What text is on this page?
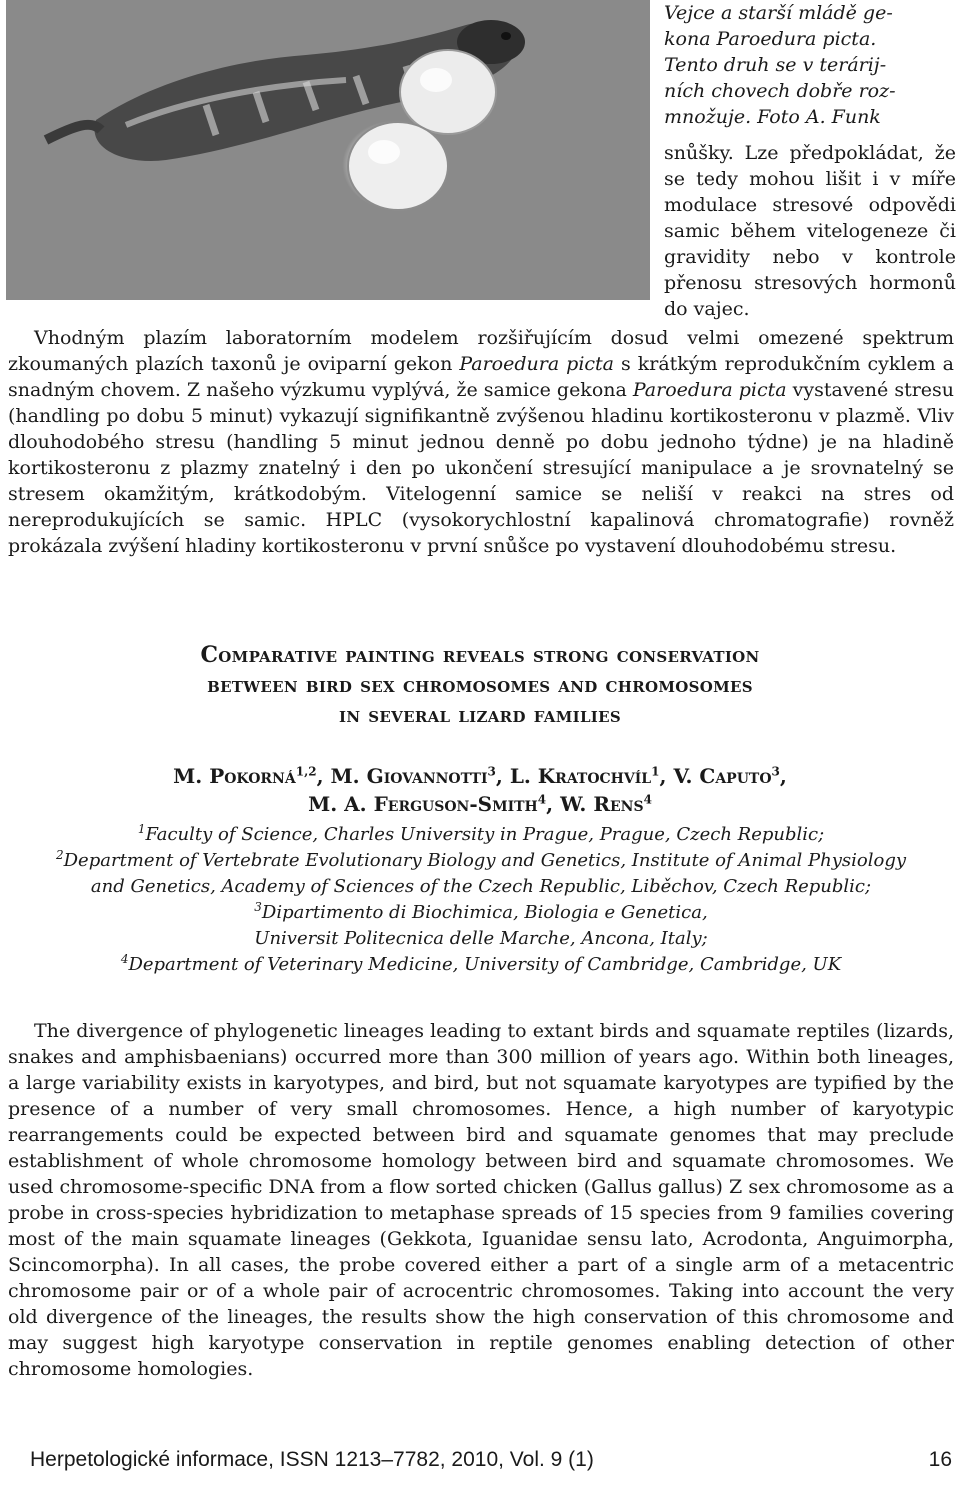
Vejce a starší mládě ge-
kona Paroedura picta.
Tento druh se v teráriј-
ních chovech dobře roz-
množuje. Foto A. Funk
snůšky. Lze předpokládat, že se tedy mohou lišit i v míře modulace stresové odpovědi samic během vitelogeneze či gravidity nebo v kontrole přenosu stresových hormonů do vajec.
Vhodným plazím laboratorním modelem rozšiřujícím dosud velmi omezené spektrum zkoumaných plazích taxonů je oviparní gekon Paroedura picta s krátkým reprodukčním cyklem a snadným chovem. Z našeho výzkumu vyplývá, že samice gekona Paroedura picta vystavené stresu (handling po dobu 5 minut) vykazují signifikantně zvýšenou hladinu kortikosteronu v plazmě. Vliv dlouhodobého stresu (handling 5 minut jednou denně po dobu jednoho týdne) je na hladině kortikosteronu z plazmy znatelný i den po ukončení stresující manipulace a je srovnatelný se stresem okamžitým, krátkodobým. Vitelogenní samice se neliší v reakci na stres od nereprodukujících se samic. HPLC (vysokorychlostní kapalinová chromatografie) rovněž prokázala zvýšení hladiny kortikosteronu v první snůšce po vystavení dlouhodobému stresu.
Comparative painting reveals strong conservation
between bird sex chromosomes and chromosomes
in several lizard families
M. Pokorná$^{1,2}$, M. Giovannotti$^3$, L. Kratochvíl$^1$, V. Caputo$^3$,
M. A. Ferguson-Smith$^4$, W. Rens$^4$
$^1$Faculty of Science, Charles University in Prague, Prague, Czech Republic;
$^2$Department of Vertebrate Evolutionary Biology and Genetics, Institute of Animal Physiology
and Genetics, Academy of Sciences of the Czech Republic, Liběchov, Czech Republic;
$^3$Dipartimento di Biochimica, Biologia e Genetica,
Universit Politecnica delle Marche, Ancona, Italy;
$^4$Department of Veterinary Medicine, University of Cambridge, Cambridge, UK
The divergence of phylogenetic lineages leading to extant birds and squamate reptiles (lizards, snakes and amphisbaenians) occurred more than 300 million of years ago. Within both lineages, a large variability exists in karyotypes, and bird, but not squamate karyotypes are typified by the presence of a number of very small chromosomes. Hence, a high number of karyotypic rearrangements could be expected between bird and squamate genomes that may preclude establishment of whole chromosome homology between bird and squamate chromosomes. We used chromosome-specific DNA from a flow sorted chicken (Gallus gallus) Z sex chromosome as a probe in cross-species hybridization to metaphase spreads of 15 species from 9 families covering most of the main squamate lineages (Gekkota, Iguanidae sensu lato, Acrodonta, Anguimorpha, Scincomorpha). In all cases, the probe covered either a part of a single arm of a metacentric chromosome pair or of a whole pair of acrocentric chromosomes. Taking into account the very old divergence of the lineages, the results show the high conservation of this chromosome and may suggest high karyotype conservation in reptile genomes enabling detection of other chromosome homologies.
Herpetologické informace, ISSN 1213–7782, 2010, Vol. 9 (1)	16
